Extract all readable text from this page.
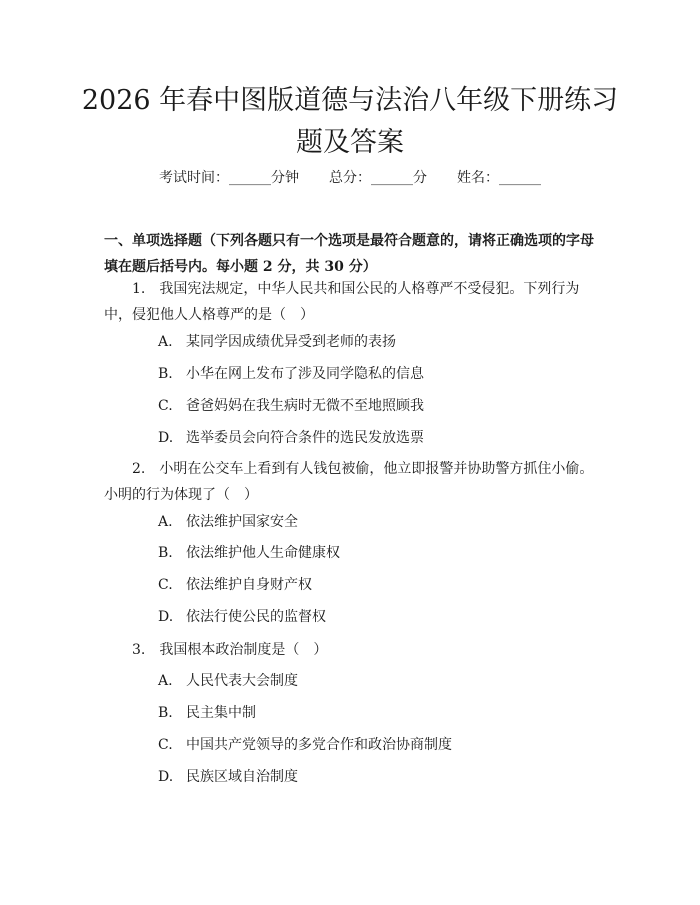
2026 年春中图版道德与法治八年级下册练习
题及答案
考试时间：______分钟 总分：______分 姓名：______

一、单项选择题（下列各题只有一个选项是最符合题意的，请将正确选项的字母填在题后括号内。每小题 2 分，共 30 分）

1.　我国宪法规定，中华人民共和国公民的人格尊严不受侵犯。下列行为中，侵犯他人人格尊严的是（　）

A. 某同学因成绩优异受到老师的表扬

B. 小华在网上发布了涉及同学隐私的信息

C. 爸爸妈妈在我生病时无微不至地照顾我

D. 选举委员会向符合条件的选民发放选票

2.　小明在公交车上看到有人钱包被偷，他立即报警并协助警方抓住小偷。小明的行为体现了（　）

A. 依法维护国家安全

B. 依法维护他人生命健康权

C. 依法维护自身财产权

D. 依法行使公民的监督权

3.　我国根本政治制度是（　）

A. 人民代表大会制度

B. 民主集中制

C. 中国共产党领导的多党合作和政治协商制度

D. 民族区域自治制度
